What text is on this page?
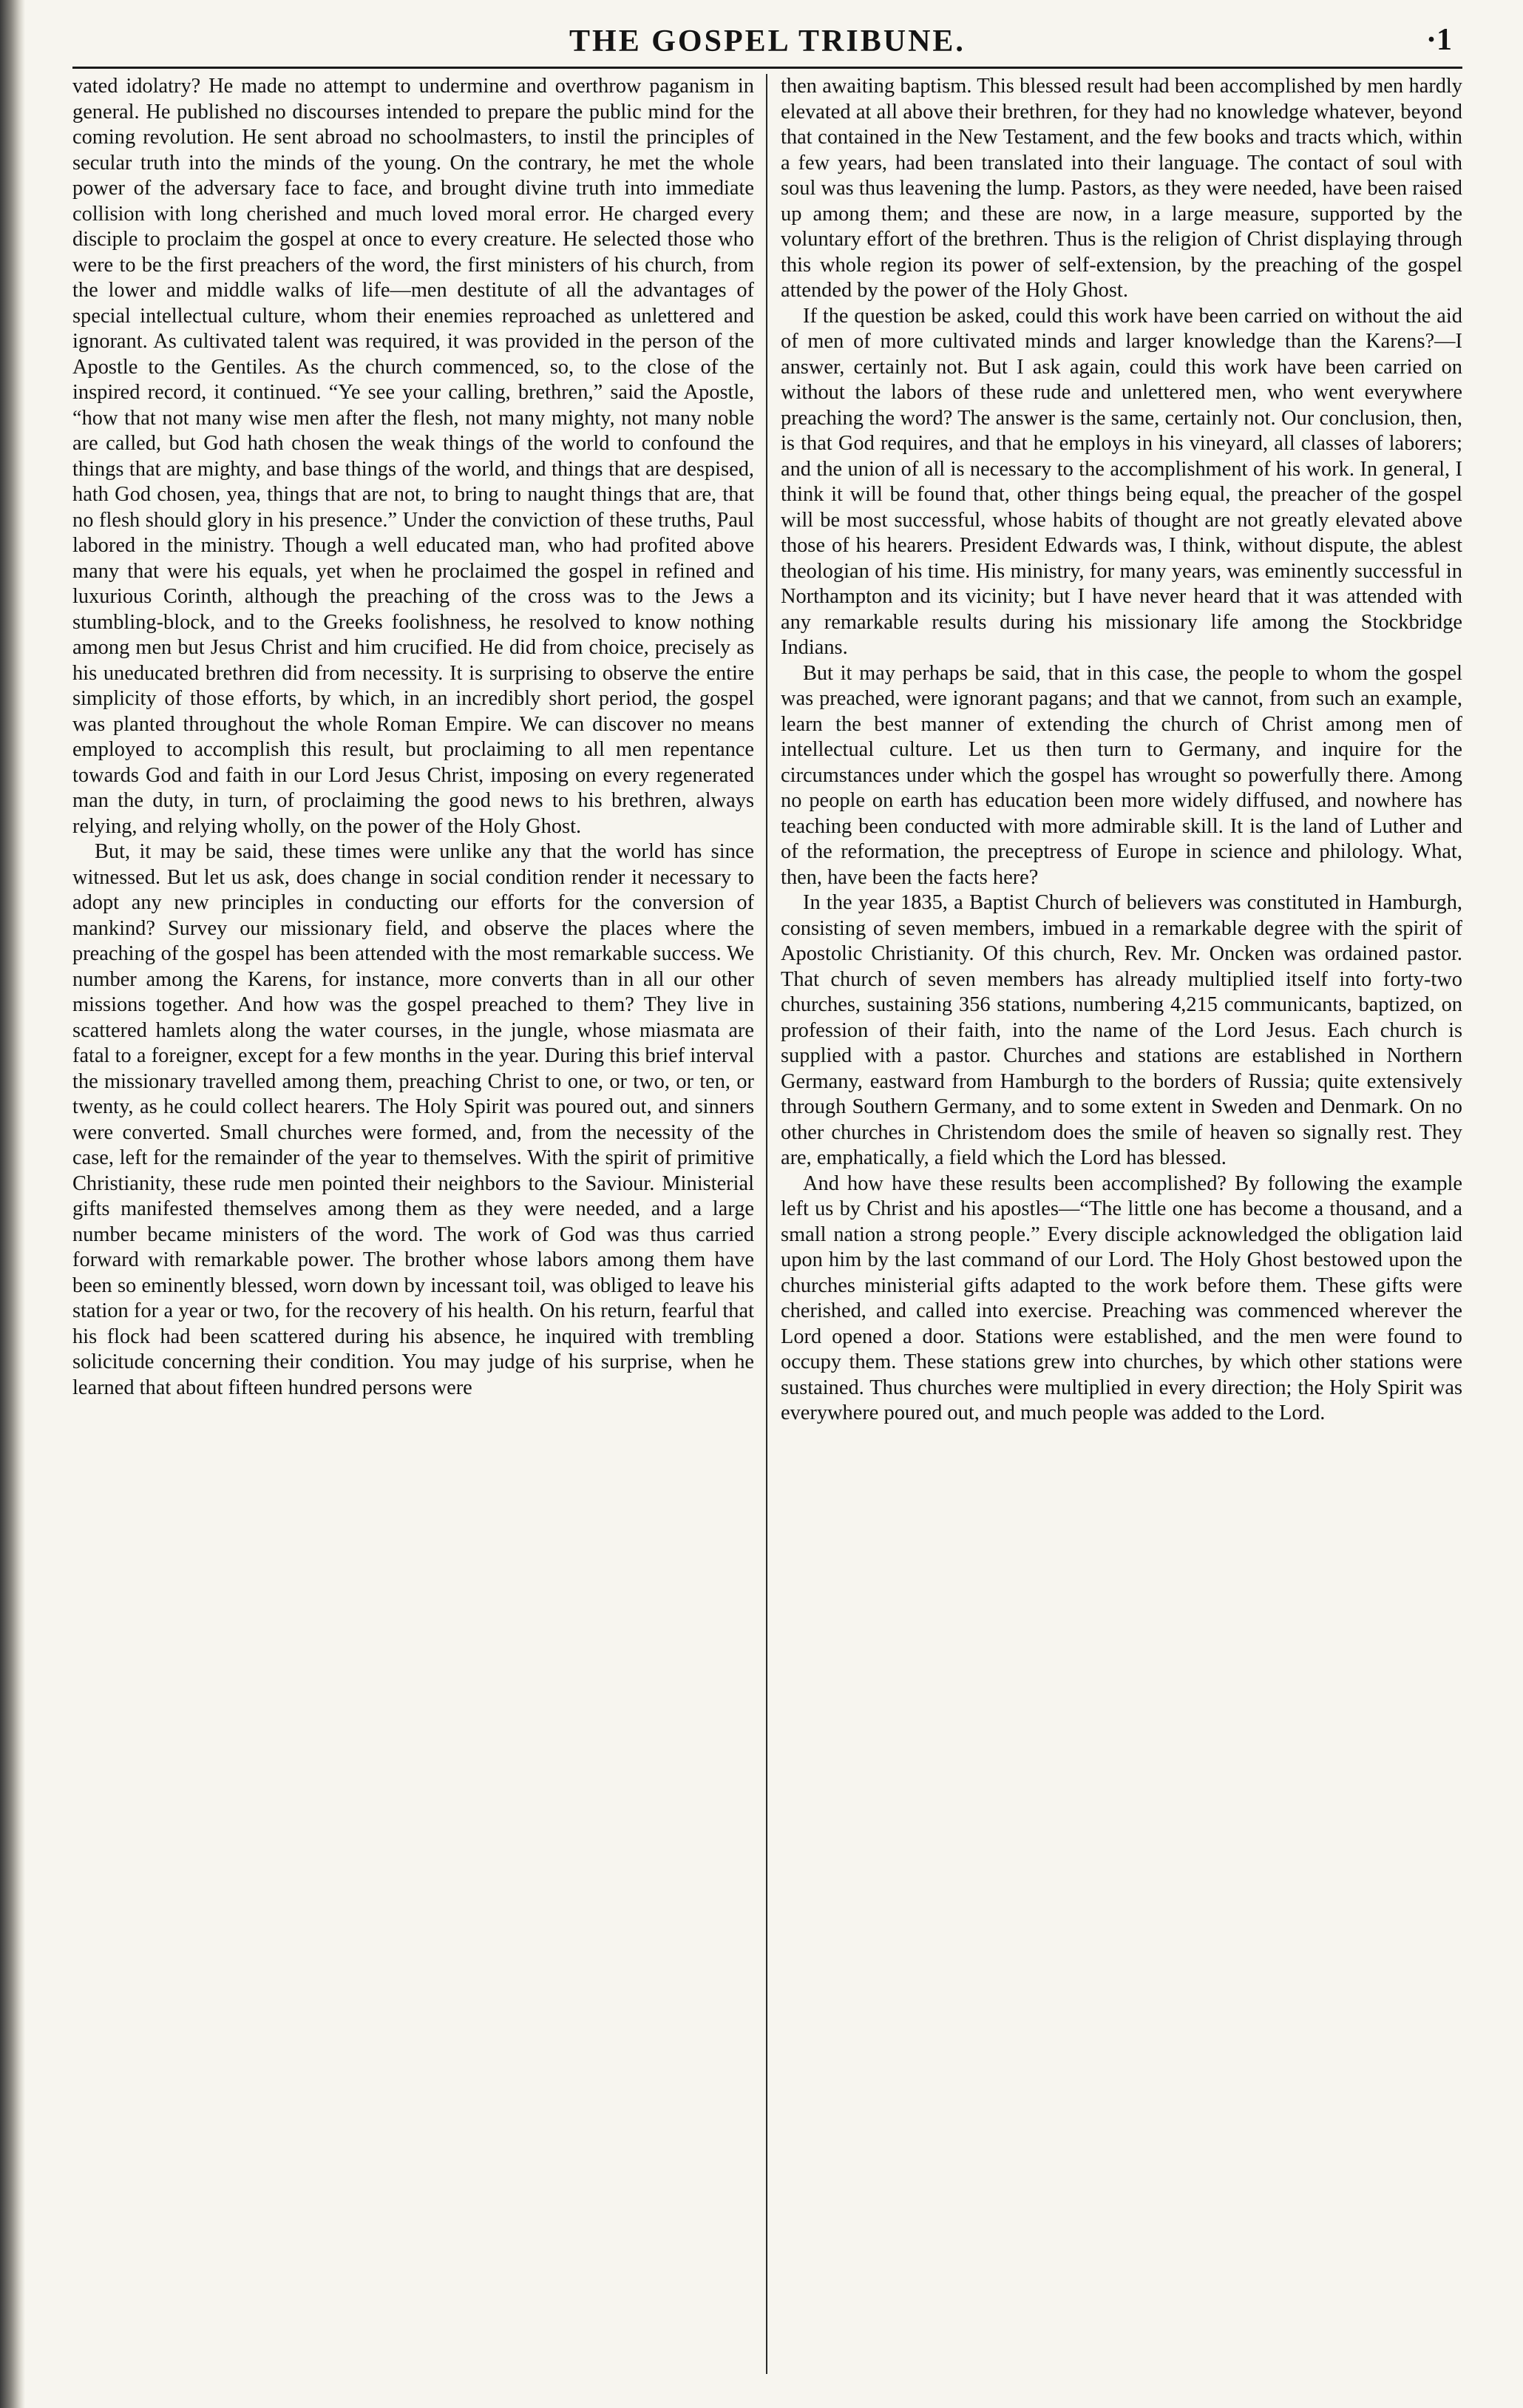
THE GOSPEL TRIBUNE.	·1

vated idolatry? He made no attempt to undermine and overthrow paganism in general. He published no discourses intended to prepare the public mind for the coming revolution. He sent abroad no schoolmasters, to instil the principles of secular truth into the minds of the young. On the contrary, he met the whole power of the adversary face to face, and brought divine truth into immediate collision with long cherished and much loved moral error. He charged every disciple to proclaim the gospel at once to every creature. He selected those who were to be the first preachers of the word, the first ministers of his church, from the lower and middle walks of life—men destitute of all the advantages of special intellectual culture, whom their enemies reproached as unlettered and ignorant. As cultivated talent was required, it was provided in the person of the Apostle to the Gentiles. As the church commenced, so, to the close of the inspired record, it continued. “Ye see your calling, brethren,” said the Apostle, “how that not many wise men after the flesh, not many mighty, not many noble are called, but God hath chosen the weak things of the world to confound the things that are mighty, and base things of the world, and things that are despised, hath God chosen, yea, things that are not, to bring to naught things that are, that no flesh should glory in his presence.” Under the conviction of these truths, Paul labored in the ministry. Though a well educated man, who had profited above many that were his equals, yet when he proclaimed the gospel in refined and luxurious Corinth, although the preaching of the cross was to the Jews a stumbling-block, and to the Greeks foolishness, he resolved to know nothing among men but Jesus Christ and him crucified. He did from choice, precisely as his uneducated brethren did from necessity. It is surprising to observe the entire simplicity of those efforts, by which, in an incredibly short period, the gospel was planted throughout the whole Roman Empire. We can discover no means employed to accomplish this result, but proclaiming to all men repentance towards God and faith in our Lord Jesus Christ, imposing on every regenerated man the duty, in turn, of proclaiming the good news to his brethren, always relying, and relying wholly, on the power of the Holy Ghost.

But, it may be said, these times were unlike any that the world has since witnessed. But let us ask, does change in social condition render it necessary to adopt any new principles in conducting our efforts for the conversion of mankind? Survey our missionary field, and observe the places where the preaching of the gospel has been attended with the most remarkable success. We number among the Karens, for instance, more converts than in all our other missions together. And how was the gospel preached to them? They live in scattered hamlets along the water courses, in the jungle, whose miasmata are fatal to a foreigner, except for a few months in the year. During this brief interval the missionary travelled among them, preaching Christ to one, or two, or ten, or twenty, as he could collect hearers. The Holy Spirit was poured out, and sinners were converted. Small churches were formed, and, from the necessity of the case, left for the remainder of the year to themselves. With the spirit of primitive Christianity, these rude men pointed their neighbors to the Saviour. Ministerial gifts manifested themselves among them as they were needed, and a large number became ministers of the word. The work of God was thus carried forward with remarkable power. The brother whose labors among them have been so eminently blessed, worn down by incessant toil, was obliged to leave his station for a year or two, for the recovery of his health. On his return, fearful that his flock had been scattered during his absence, he inquired with trembling solicitude concerning their condition. You may judge of his surprise, when he learned that about fifteen hundred persons were

then awaiting baptism. This blessed result had been accomplished by men hardly elevated at all above their brethren, for they had no knowledge whatever, beyond that contained in the New Testament, and the few books and tracts which, within a few years, had been translated into their language. The contact of soul with soul was thus leavening the lump. Pastors, as they were needed, have been raised up among them; and these are now, in a large measure, supported by the voluntary effort of the brethren. Thus is the religion of Christ displaying through this whole region its power of self-extension, by the preaching of the gospel attended by the power of the Holy Ghost.

If the question be asked, could this work have been carried on without the aid of men of more cultivated minds and larger knowledge than the Karens?—I answer, certainly not. But I ask again, could this work have been carried on without the labors of these rude and unlettered men, who went everywhere preaching the word? The answer is the same, certainly not. Our conclusion, then, is that God requires, and that he employs in his vineyard, all classes of laborers; and the union of all is necessary to the accomplishment of his work. In general, I think it will be found that, other things being equal, the preacher of the gospel will be most successful, whose habits of thought are not greatly elevated above those of his hearers. President Edwards was, I think, without dispute, the ablest theologian of his time. His ministry, for many years, was eminently successful in Northampton and its vicinity; but I have never heard that it was attended with any remarkable results during his missionary life among the Stockbridge Indians.

But it may perhaps be said, that in this case, the people to whom the gospel was preached, were ignorant pagans; and that we cannot, from such an example, learn the best manner of extending the church of Christ among men of intellectual culture. Let us then turn to Germany, and inquire for the circumstances under which the gospel has wrought so powerfully there. Among no people on earth has education been more widely diffused, and nowhere has teaching been conducted with more admirable skill. It is the land of Luther and of the reformation, the preceptress of Europe in science and philology. What, then, have been the facts here?

In the year 1835, a Baptist Church of believers was constituted in Hamburgh, consisting of seven members, imbued in a remarkable degree with the spirit of Apostolic Christianity. Of this church, Rev. Mr. Oncken was ordained pastor. That church of seven members has already multiplied itself into forty-two churches, sustaining 356 stations, numbering 4,215 communicants, baptized, on profession of their faith, into the name of the Lord Jesus. Each church is supplied with a pastor. Churches and stations are established in Northern Germany, eastward from Hamburgh to the borders of Russia; quite extensively through Southern Germany, and to some extent in Sweden and Denmark. On no other churches in Christendom does the smile of heaven so signally rest. They are, emphatically, a field which the Lord has blessed.

And how have these results been accomplished? By following the example left us by Christ and his apostles—“The little one has become a thousand, and a small nation a strong people.” Every disciple acknowledged the obligation laid upon him by the last command of our Lord. The Holy Ghost bestowed upon the churches ministerial gifts adapted to the work before them. These gifts were cherished, and called into exercise. Preaching was commenced wherever the Lord opened a door. Stations were established, and the men were found to occupy them. These stations grew into churches, by which other stations were sustained. Thus churches were multiplied in every direction; the Holy Spirit was everywhere poured out, and much people was added to the Lord.
